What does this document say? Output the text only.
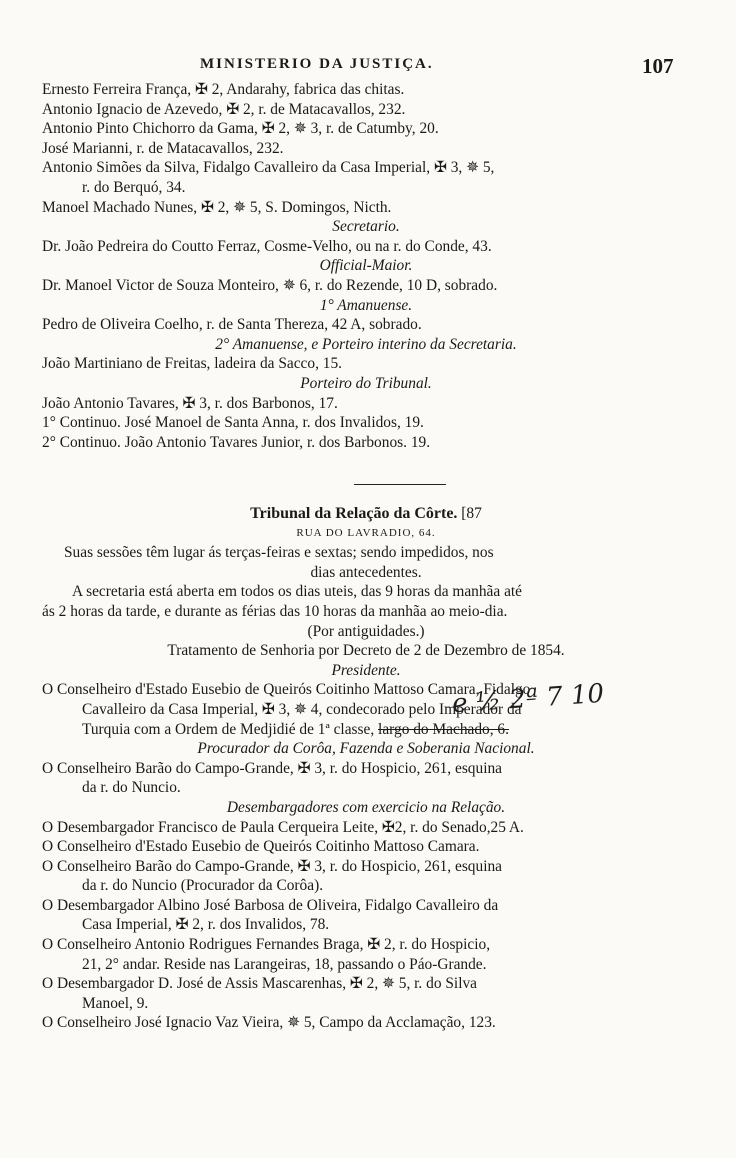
MINISTERIO DA JUSTIÇA.	107
Ernesto Ferreira França, ✠ 2, Andarahy, fabrica das chitas.
Antonio Ignacio de Azevedo, ✠ 2, r. de Matacavallos, 232.
Antonio Pinto Chichorro da Gama, ✠ 2, ✵ 3, r. de Catumby, 20.
José Marianni, r. de Matacavallos, 232.
Antonio Simões da Silva, Fidalgo Cavalleiro da Casa Imperial, ✠ 3, ✵ 5,
r. do Berquó, 34.
Manoel Machado Nunes, ✠ 2, ✵ 5, S. Domingos, Nicth.
Secretario.
Dr. João Pedreira do Coutto Ferraz, Cosme-Velho, ou na r. do Conde, 43.
Official-Maior.
Dr. Manoel Victor de Souza Monteiro, ✵ 6, r. do Rezende, 10 D, sobrado.
1° Amanuense.
Pedro de Oliveira Coelho, r. de Santa Thereza, 42 A, sobrado.
2° Amanuense, e Porteiro interino da Secretaria.
João Martiniano de Freitas, ladeira da Sacco, 15.
Porteiro do Tribunal.
João Antonio Tavares, ✠ 3, r. dos Barbonos, 17.
1° Continuo. José Manoel de Santa Anna, r. dos Invalidos, 19.
2° Continuo. João Antonio Tavares Junior, r. dos Barbonos. 19.
Tribunal da Relação da Côrte. [87
RUA DO LAVRADIO, 64.
Suas sessões têm lugar ás terças-feiras e sextas; sendo impedidos, nos
dias antecedentes.
A secretaria está aberta em todos os dias uteis, das 9 horas da manhãa até
ás 2 horas da tarde, e durante as férias das 10 horas da manhãa ao meio-dia.
(Por antiguidades.)
Tratamento de Senhoria por Decreto de 2 de Dezembro de 1854.
Presidente.
O Conselheiro d'Estado Eusebio de Queirós Coitinho Mattoso Camara, Fidalgo
Cavalleiro da Casa Imperial, ✠ 3, ✵ 4, condecorado pelo Imperador da
Turquia com a Ordem de Medjidié de 1ª classe, largo do Machado, 6.
Procurador da Corôa, Fazenda e Soberania Nacional.
O Conselheiro Barão do Campo-Grande, ✠ 3, r. do Hospicio, 261, esquina
da r. do Nuncio.
Desembargadores com exercicio na Relação.
O Desembargador Francisco de Paula Cerqueira Leite, ✠2, r. do Senado,25 A.
O Conselheiro d'Estado Eusebio de Queirós Coitinho Mattoso Camara.
O Conselheiro Barão do Campo-Grande, ✠ 3, r. do Hospicio, 261, esquina
da r. do Nuncio (Procurador da Corôa).
O Desembargador Albino José Barbosa de Oliveira, Fidalgo Cavalleiro da
Casa Imperial, ✠ 2, r. dos Invalidos, 78.
O Conselheiro Antonio Rodrigues Fernandes Braga, ✠ 2, r. do Hospicio,
21, 2° andar. Reside nas Larangeiras, 18, passando o Páo-Grande.
O Desembargador D. José de Assis Mascarenhas, ✠ 2, ✵ 5, r. do Silva
Manoel, 9.
O Conselheiro José Ignacio Vaz Vieira, ✵ 5, Campo da Acclamação, 123.
e ½ 2ª 7 10
